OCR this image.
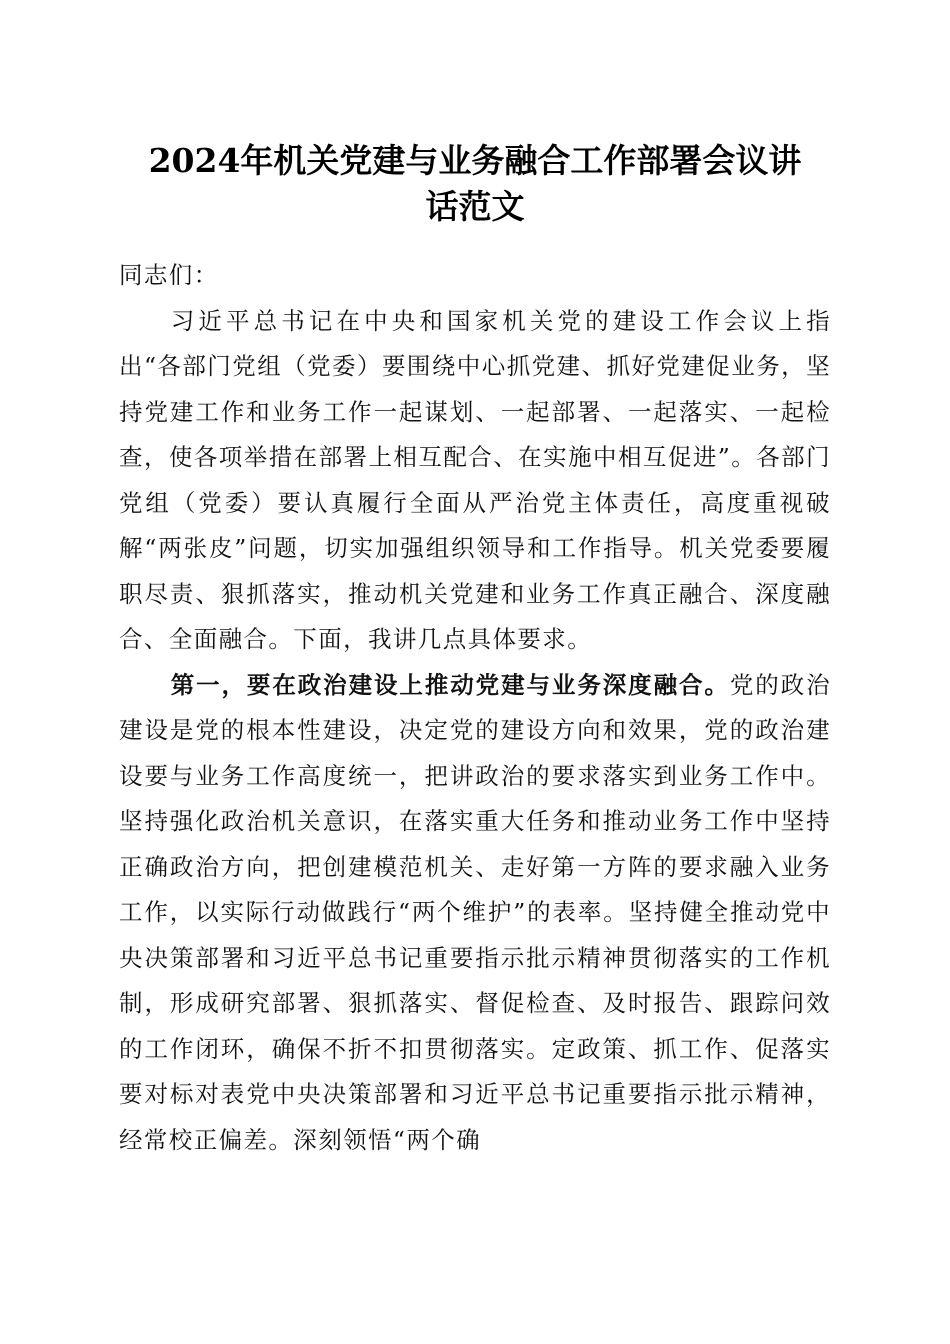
2024年机关党建与业务融合工作部署会议讲
话范文

同志们：

习近平总书记在中央和国家机关党的建设工作会议上指出“各部门党组（党委）要围绕中心抓党建、抓好党建促业务，坚持党建工作和业务工作一起谋划、一起部署、一起落实、一起检查，使各项举措在部署上相互配合、在实施中相互促进”。各部门党组（党委）要认真履行全面从严治党主体责任，高度重视破解“两张皮”问题，切实加强组织领导和工作指导。机关党委要履职尽责、狠抓落实，推动机关党建和业务工作真正融合、深度融合、全面融合。下面，我讲几点具体要求。

第一，要在政治建设上推动党建与业务深度融合。党的政治建设是党的根本性建设，决定党的建设方向和效果，党的政治建设要与业务工作高度统一，把讲政治的要求落实到业务工作中。坚持强化政治机关意识，在落实重大任务和推动业务工作中坚持正确政治方向，把创建模范机关、走好第一方阵的要求融入业务工作，以实际行动做践行“两个维护”的表率。坚持健全推动党中央决策部署和习近平总书记重要指示批示精神贯彻落实的工作机制，形成研究部署、狠抓落实、督促检查、及时报告、跟踪问效的工作闭环，确保不折不扣贯彻落实。定政策、抓工作、促落实要对标对表党中央决策部署和习近平总书记重要指示批示精神，经常校正偏差。深刻领悟“两个确
